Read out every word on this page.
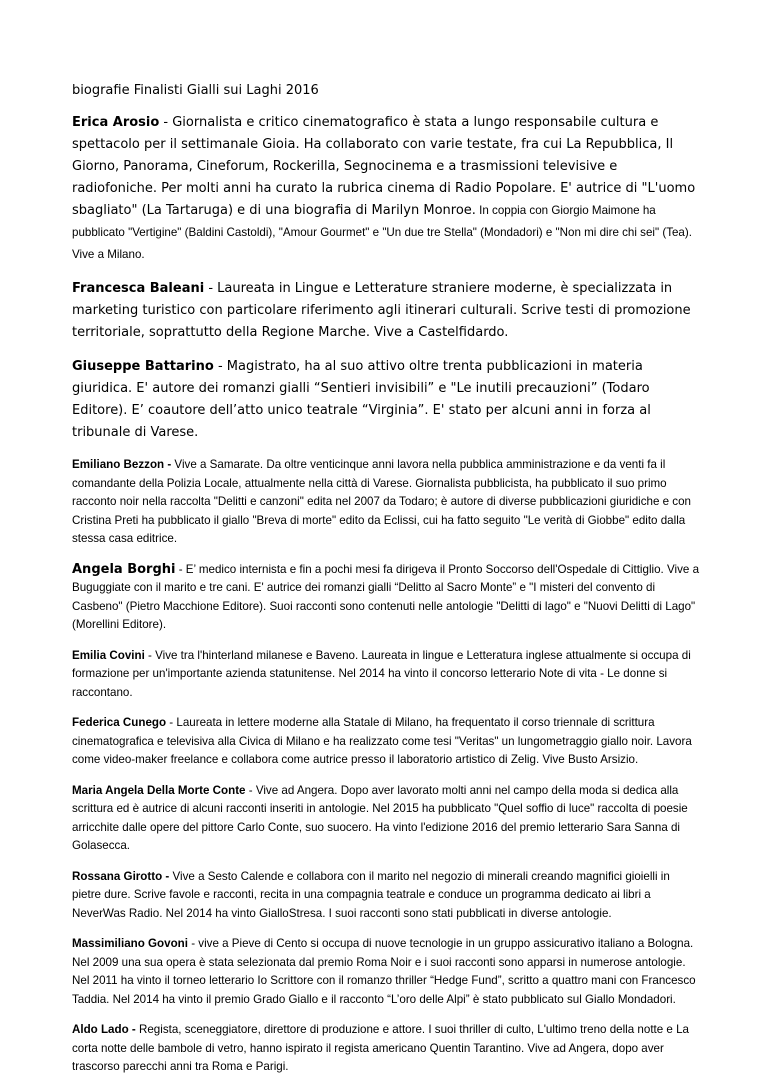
biografie Finalisti Gialli sui Laghi 2016

Erica Arosio - Giornalista e critico cinematografico è stata a lungo responsabile cultura e spettacolo per il settimanale Gioia. Ha collaborato con varie testate, fra cui La Repubblica, Il Giorno, Panorama, Cineforum, Rockerilla, Segnocinema e a trasmissioni televisive e radiofoniche. Per molti anni ha curato la rubrica cinema di Radio Popolare. E' autrice di "L'uomo sbagliato" (La Tartaruga) e di una biografia di Marilyn Monroe. In coppia con Giorgio Maimone ha pubblicato "Vertigine" (Baldini Castoldi), "Amour Gourmet" e "Un due tre Stella" (Mondadori) e "Non mi dire chi sei" (Tea). Vive a Milano.

Francesca Baleani - Laureata in Lingue e Letterature straniere moderne, è specializzata in marketing turistico con particolare riferimento agli itinerari culturali. Scrive testi di promozione territoriale, soprattutto della Regione Marche. Vive a Castelfidardo.

Giuseppe Battarino - Magistrato, ha al suo attivo oltre trenta pubblicazioni in materia giuridica. E' autore dei romanzi gialli “Sentieri invisibili” e "Le inutili precauzioni” (Todaro Editore). E’ coautore dell’atto unico teatrale “Virginia”. E' stato per alcuni anni in forza al tribunale di Varese.

Emiliano Bezzon - Vive a Samarate. Da oltre venticinque anni lavora nella pubblica amministrazione e da venti fa il comandante della Polizia Locale, attualmente nella città di Varese. Giornalista pubblicista, ha pubblicato il suo primo racconto noir nella raccolta "Delitti e canzoni" edita nel 2007 da Todaro; è autore di diverse pubblicazioni giuridiche e con Cristina Preti ha pubblicato il giallo "Breva di morte" edito da Eclissi, cui ha fatto seguito "Le verità di Giobbe" edito dalla stessa casa editrice.

Angela Borghi - E’ medico internista e fin a pochi mesi fa dirigeva il Pronto Soccorso dell'Ospedale di Cittiglio. Vive a Buguggiate con il marito e tre cani. E' autrice dei romanzi gialli “Delitto al Sacro Monte” e "I misteri del convento di Casbeno" (Pietro Macchione Editore). Suoi racconti sono contenuti nelle antologie "Delitti di lago" e "Nuovi Delitti di Lago" (Morellini Editore).

Emilia Covini - Vive tra l'hinterland milanese e Baveno. Laureata in lingue e Letteratura inglese attualmente si occupa di formazione per un'importante azienda statunitense. Nel 2014 ha vinto il concorso letterario Note di vita - Le donne si raccontano.

Federica Cunego - Laureata in lettere moderne alla Statale di Milano, ha frequentato il corso triennale di scrittura cinematografica e televisiva alla Civica di Milano e ha realizzato come tesi "Veritas" un lungometraggio giallo noir. Lavora come video-maker freelance e collabora come autrice presso il laboratorio artistico di Zelig. Vive Busto Arsizio.

Maria Angela Della Morte Conte - Vive ad Angera. Dopo aver lavorato molti anni nel campo della moda si dedica alla scrittura ed è autrice di alcuni racconti inseriti in antologie. Nel 2015 ha pubblicato "Quel soffio di luce" raccolta di poesie arricchite dalle opere del pittore Carlo Conte, suo suocero. Ha vinto l'edizione 2016 del premio letterario Sara Sanna di Golasecca.

Rossana Girotto - Vive a Sesto Calende e collabora con il marito nel negozio di minerali creando magnifici gioielli in pietre dure. Scrive favole e racconti, recita in una compagnia teatrale e conduce un programma dedicato ai libri a NeverWas Radio. Nel 2014 ha vinto GialloStresa. I suoi racconti sono stati pubblicati in diverse antologie.

Massimiliano Govoni - vive a Pieve di Cento si occupa di nuove tecnologie in un gruppo assicurativo italiano a Bologna. Nel 2009 una sua opera è stata selezionata dal premio Roma Noir e i suoi racconti sono apparsi in numerose antologie. Nel 2011 ha vinto il torneo letterario Io Scrittore con il romanzo thriller “Hedge Fund”, scritto a quattro mani con Francesco Taddia. Nel 2014 ha vinto il premio Grado Giallo e il racconto “L’oro delle Alpi” è stato pubblicato sul Giallo Mondadori.

Aldo Lado - Regista, sceneggiatore, direttore di produzione e attore. I suoi thriller di culto, L'ultimo treno della notte e La corta notte delle bambole di vetro, hanno ispirato il regista americano Quentin Tarantino. Vive ad Angera, dopo aver trascorso parecchi anni tra Roma e Parigi.
